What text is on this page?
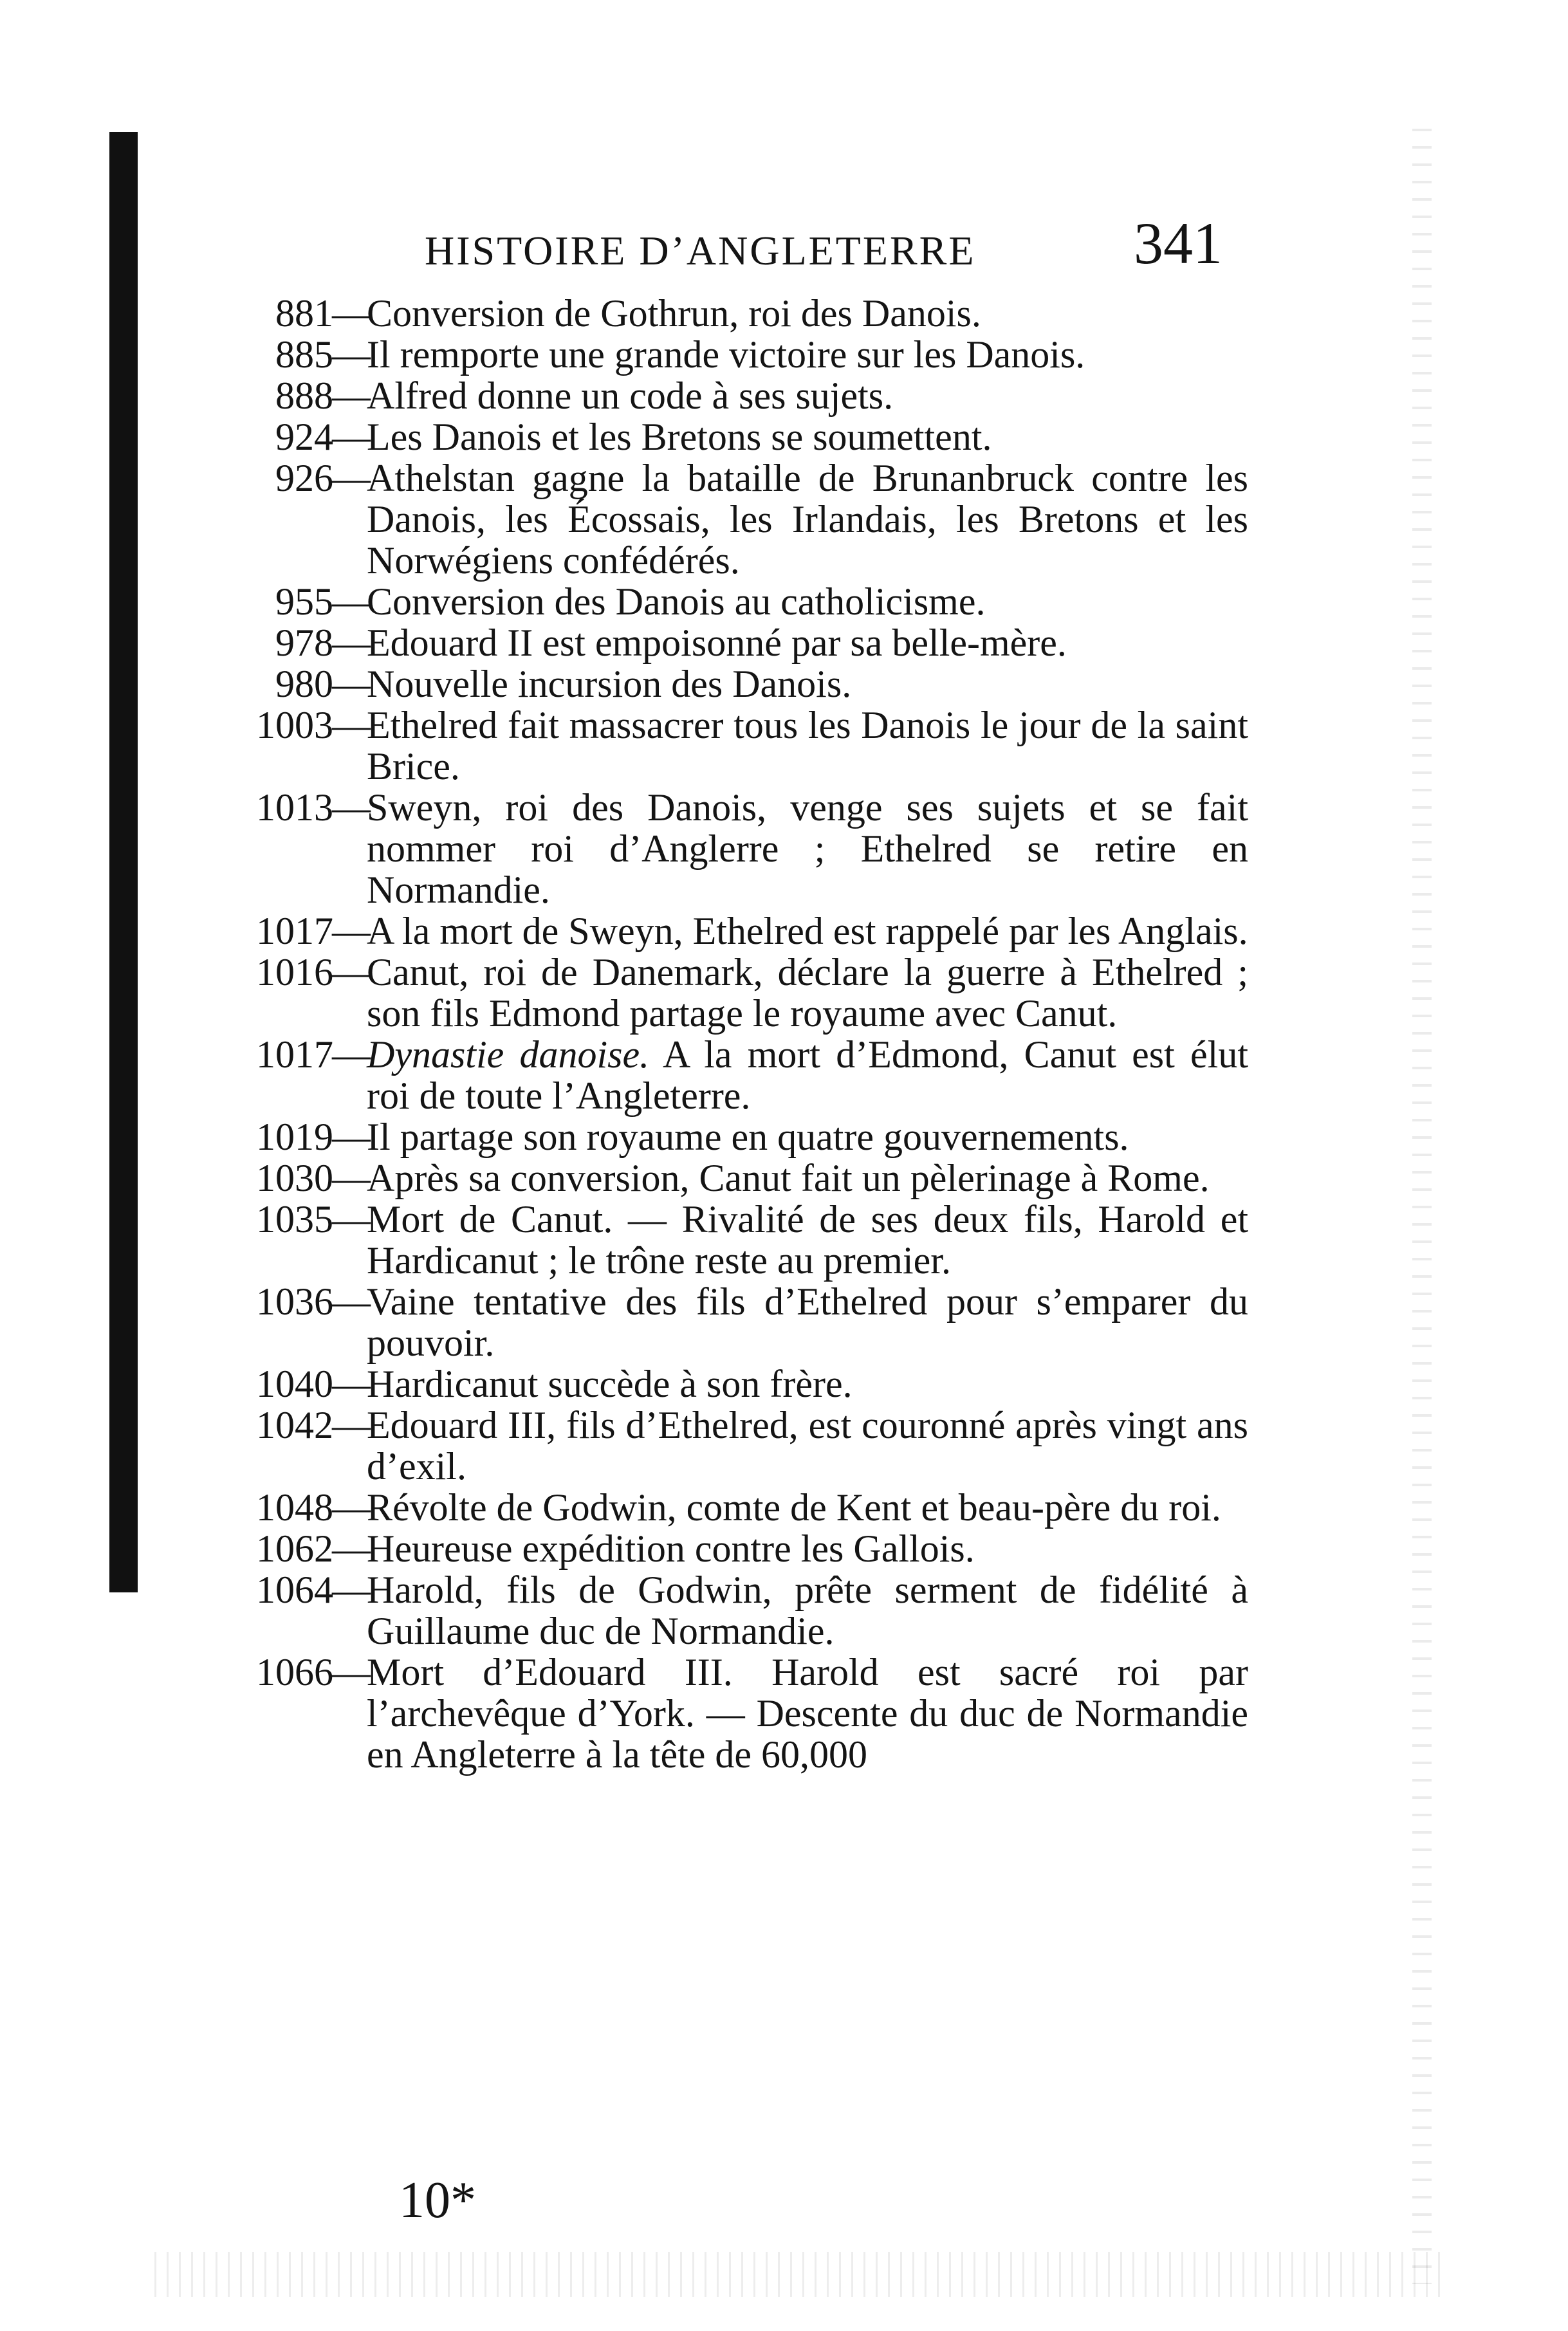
HISTOIRE D’ANGLETERRE	341
881
—
Conversion de Gothrun, roi des Danois.
885
—
Il remporte une grande victoire sur les Danois.
888
—
Alfred donne un code à ses sujets.
924
—
Les Danois et les Bretons se soumettent.
926
—
Athelstan gagne la bataille de Brunanbruck contre les Danois, les Écossais, les Irlandais, les Bretons et les Norwégiens confédérés.
955
—
Conversion des Danois au catholicisme.
978
—
Edouard II est empoisonné par sa belle-mère.
980
—
Nouvelle incursion des Danois.
1003
—
Ethelred fait massacrer tous les Danois le jour de la saint Brice.
1013
—
Sweyn, roi des Danois, venge ses sujets et se fait nommer roi d’Anglerre ; Ethelred se retire en Normandie.
1017
—
A la mort de Sweyn, Ethelred est rappelé par les Anglais.
1016
—
Canut, roi de Danemark, déclare la guerre à Ethelred ; son fils Edmond partage le royaume avec Canut.
1017
—
Dynastie danoise. A la mort d’Edmond, Canut est élut roi de toute l’Angleterre.
1019
—
Il partage son royaume en quatre gouvernements.
1030
—
Après sa conversion, Canut fait un pèlerinage à Rome.
1035
—
Mort de Canut. — Rivalité de ses deux fils, Harold et Hardicanut ; le trône reste au premier.
1036
—
Vaine tentative des fils d’Ethelred pour s’emparer du pouvoir.
1040
—
Hardicanut succède à son frère.
1042
—
Edouard III, fils d’Ethelred, est couronné après vingt ans d’exil.
1048
—
Révolte de Godwin, comte de Kent et beau-père du roi.
1062
—
Heureuse expédition contre les Gallois.
1064
—
Harold, fils de Godwin, prête serment de fidélité à Guillaume duc de Normandie.
1066
—
Mort d’Edouard III. Harold est sacré roi par l’archevêque d’York. — Descente du duc de Normandie en Angleterre à la tête de 60,000
10*
